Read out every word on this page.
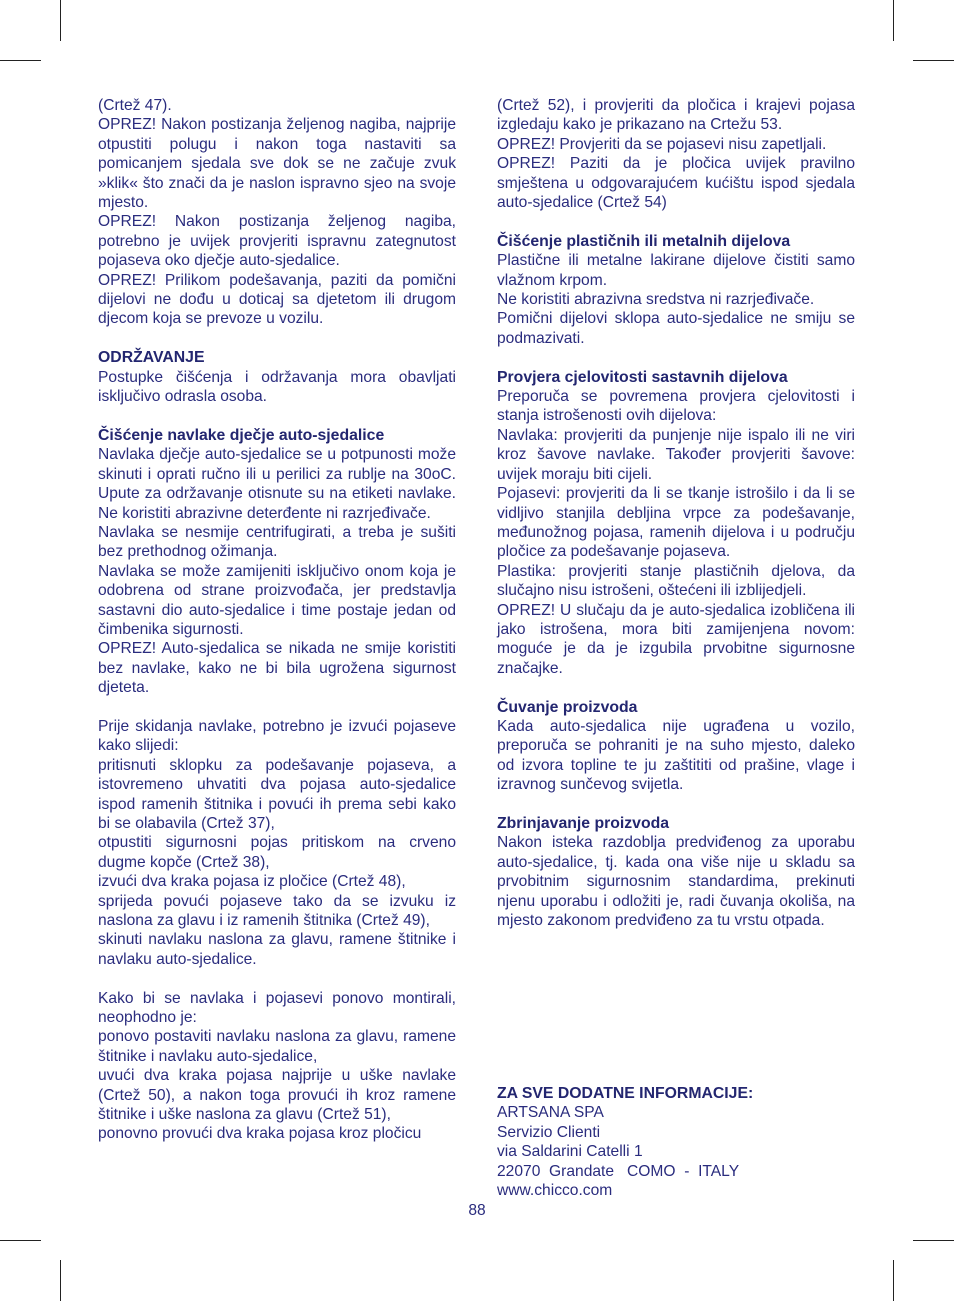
(Crtež 47).

OPREZ! Nakon postizanja željenog nagiba, najprije otpustiti polugu i nakon toga nastaviti sa pomicanjem sjedala sve dok se ne začuje zvuk »klik« što znači da je naslon ispravno sjeo na svoje mjesto.

OPREZ! Nakon postizanja željenog nagiba, potrebno je uvijek provjeriti ispravnu zategnutost pojaseva oko dječje auto-sjedalice.

OPREZ! Prilikom podešavanja, paziti da pomični dijelovi ne dođu u doticaj sa djetetom ili drugom djecom koja se prevoze u vozilu.

ODRŽAVANJE

Postupke čišćenja i održavanja mora obavljati isključivo odrasla osoba.

Čišćenje navlake dječje auto-sjedalice

Navlaka dječje auto-sjedalice se u potpunosti može skinuti i oprati ručno ili u perilici za rublje na 30oC. Upute za održavanje otisnute su na etiketi navlake. Ne koristiti abrazivne deterđente ni razrjeđivače.

Navlaka se nesmije centrifugirati, a treba je sušiti bez prethodnog ožimanja.

Navlaka se može zamijeniti isključivo onom koja je odobrena od strane proizvođača, jer predstavlja sastavni dio auto-sjedalice i time postaje jedan od čimbenika sigurnosti.

OPREZ! Auto-sjedalica se nikada ne smije koristiti bez navlake, kako ne bi bila ugrožena sigurnost djeteta.

Prije skidanja navlake, potrebno je izvući pojaseve kako slijedi:

pritisnuti sklopku za podešavanje pojaseva, a istovremeno uhvatiti dva pojasa auto-sjedalice ispod ramenih štitnika i povući ih prema sebi kako bi se olabavila (Crtež 37),

otpustiti sigurnosni pojas pritiskom na crveno dugme kopče (Crtež 38),

izvući dva kraka pojasa iz pločice (Crtež 48),

sprijeda povući pojaseve tako da se izvuku iz naslona za glavu i iz ramenih štitnika (Crtež 49),

skinuti navlaku naslona za glavu, ramene štitnike i navlaku auto-sjedalice.

Kako bi se navlaka i pojasevi ponovo montirali, neophodno je:

ponovo postaviti navlaku naslona za glavu, ramene štitnike i navlaku auto-sjedalice,

uvući dva kraka pojasa najprije u uške navlake (Crtež 50), a nakon toga provući ih kroz ramene štitnike i uške naslona za glavu (Crtež 51),

ponovno provući dva kraka pojasa kroz pločicu

(Crtež 52), i provjeriti da pločica i krajevi pojasa izgledaju kako je prikazano na Crtežu 53.

OPREZ! Provjeriti da se pojasevi nisu zapetljali.

OPREZ! Paziti da je pločica uvijek pravilno smještena u odgovarajućem kućištu ispod sjedala auto-sjedalice (Crtež 54)

Čišćenje plastičnih ili metalnih dijelova

Plastične ili metalne lakirane dijelove čistiti samo vlažnom krpom.

Ne koristiti abrazivna sredstva ni razrjeđivače.

Pomični dijelovi sklopa auto-sjedalice ne smiju se podmazivati.

Provjera cjelovitosti sastavnih dijelova

Preporuča se povremena provjera cjelovitosti i stanja istrošenosti ovih dijelova:

Navlaka: provjeriti da punjenje nije ispalo ili ne viri kroz šavove navlake. Također provjeriti šavove: uvijek moraju biti cijeli.

Pojasevi: provjeriti da li se tkanje istrošilo i da li se vidljivo stanjila debljina vrpce za podešavanje, međunožnog pojasa, ramenih dijelova i u području pločice za podešavanje pojaseva.

Plastika: provjeriti stanje plastičnih djelova, da slučajno nisu istrošeni, oštećeni ili izblijedjeli.

OPREZ! U slučaju da je auto-sjedalica izobličena ili jako istrošena, mora biti zamijenjena novom: moguće je da je izgubila prvobitne sigurnosne značajke.

Čuvanje proizvoda

Kada auto-sjedalica nije ugrađena u vozilo, preporuča se pohraniti je na suho mjesto, daleko od izvora topline te ju zaštititi od prašine, vlage i izravnog sunčevog svijetla.

Zbrinjavanje proizvoda

Nakon isteka razdoblja predviđenog za uporabu auto-sjedalice, tj. kada ona više nije u skladu sa prvobitnim sigurnosnim standardima, prekinuti njenu uporabu i odložiti je, radi čuvanja okoliša, na mjesto zakonom predviđeno za tu vrstu otpada.

ZA SVE DODATNE INFORMACIJE:
ARTSANA SPA
Servizio Clienti
via Saldarini Catelli 1
22070  Grandate   COMO  -  ITALY
www.chicco.com
88
